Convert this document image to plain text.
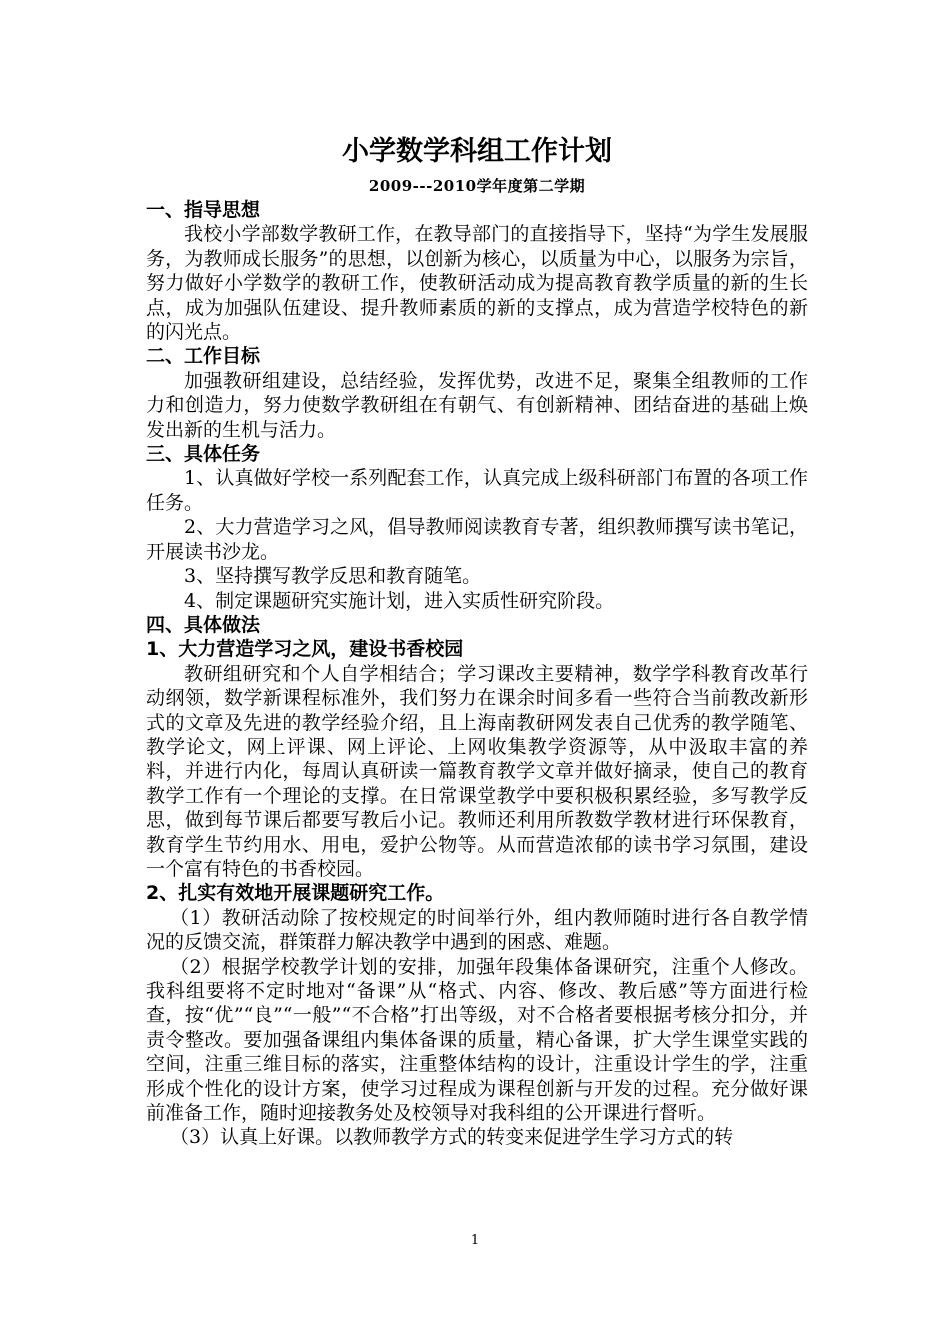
小学数学科组工作计划
2009---2010学年度第二学期
一、指导思想

我校小学部数学教研工作，在教导部门的直接指导下，坚持“为学生发展服务，为教师成长服务”的思想，以创新为核心，以质量为中心，以服务为宗旨，努力做好小学数学的教研工作，使教研活动成为提高教育教学质量的新的生长点，成为加强队伍建设、提升教师素质的新的支撑点，成为营造学校特色的新的闪光点。

二、工作目标

加强教研组建设，总结经验，发挥优势，改进不足，聚集全组教师的工作力和创造力，努力使数学教研组在有朝气、有创新精神、团结奋进的基础上焕发出新的生机与活力。

三、具体任务

1、认真做好学校一系列配套工作，认真完成上级科研部门布置的各项工作任务。

2、大力营造学习之风，倡导教师阅读教育专著，组织教师撰写读书笔记，开展读书沙龙。

3、坚持撰写教学反思和教育随笔。

4、制定课题研究实施计划，进入实质性研究阶段。

四、具体做法
1、大力营造学习之风，建设书香校园

教研组研究和个人自学相结合；学习课改主要精神，数学学科教育改革行动纲领，数学新课程标准外，我们努力在课余时间多看一些符合当前教改新形式的文章及先进的教学经验介绍，且上海南教研网发表自己优秀的教学随笔、教学论文，网上评课、网上评论、上网收集教学资源等，从中汲取丰富的养料，并进行内化，每周认真研读一篇教育教学文章并做好摘录，使自己的教育教学工作有一个理论的支撑。在日常课堂教学中要积极积累经验，多写教学反思，做到每节课后都要写教后小记。教师还利用所教数学教材进行环保教育，教育学生节约用水、用电，爱护公物等。从而营造浓郁的读书学习氛围，建设一个富有特色的书香校园。

2、扎实有效地开展课题研究工作。

（1）教研活动除了按校规定的时间举行外，组内教师随时进行各自教学情况的反馈交流，群策群力解决教学中遇到的困惑、难题。

（2）根据学校教学计划的安排，加强年段集体备课研究，注重个人修改。我科组要将不定时地对“备课”从“格式、内容、修改、教后感”等方面进行检查，按“优”“良”“一般”“不合格”打出等级，对不合格者要根据考核分扣分，并责令整改。要加强备课组内集体备课的质量，精心备课，扩大学生课堂实践的空间，注重三维目标的落实，注重整体结构的设计，注重设计学生的学，注重形成个性化的设计方案，使学习过程成为课程创新与开发的过程。充分做好课前准备工作，随时迎接教务处及校领导对我科组的公开课进行督听。

（3）认真上好课。以教师教学方式的转变来促进学生学习方式的转

1
